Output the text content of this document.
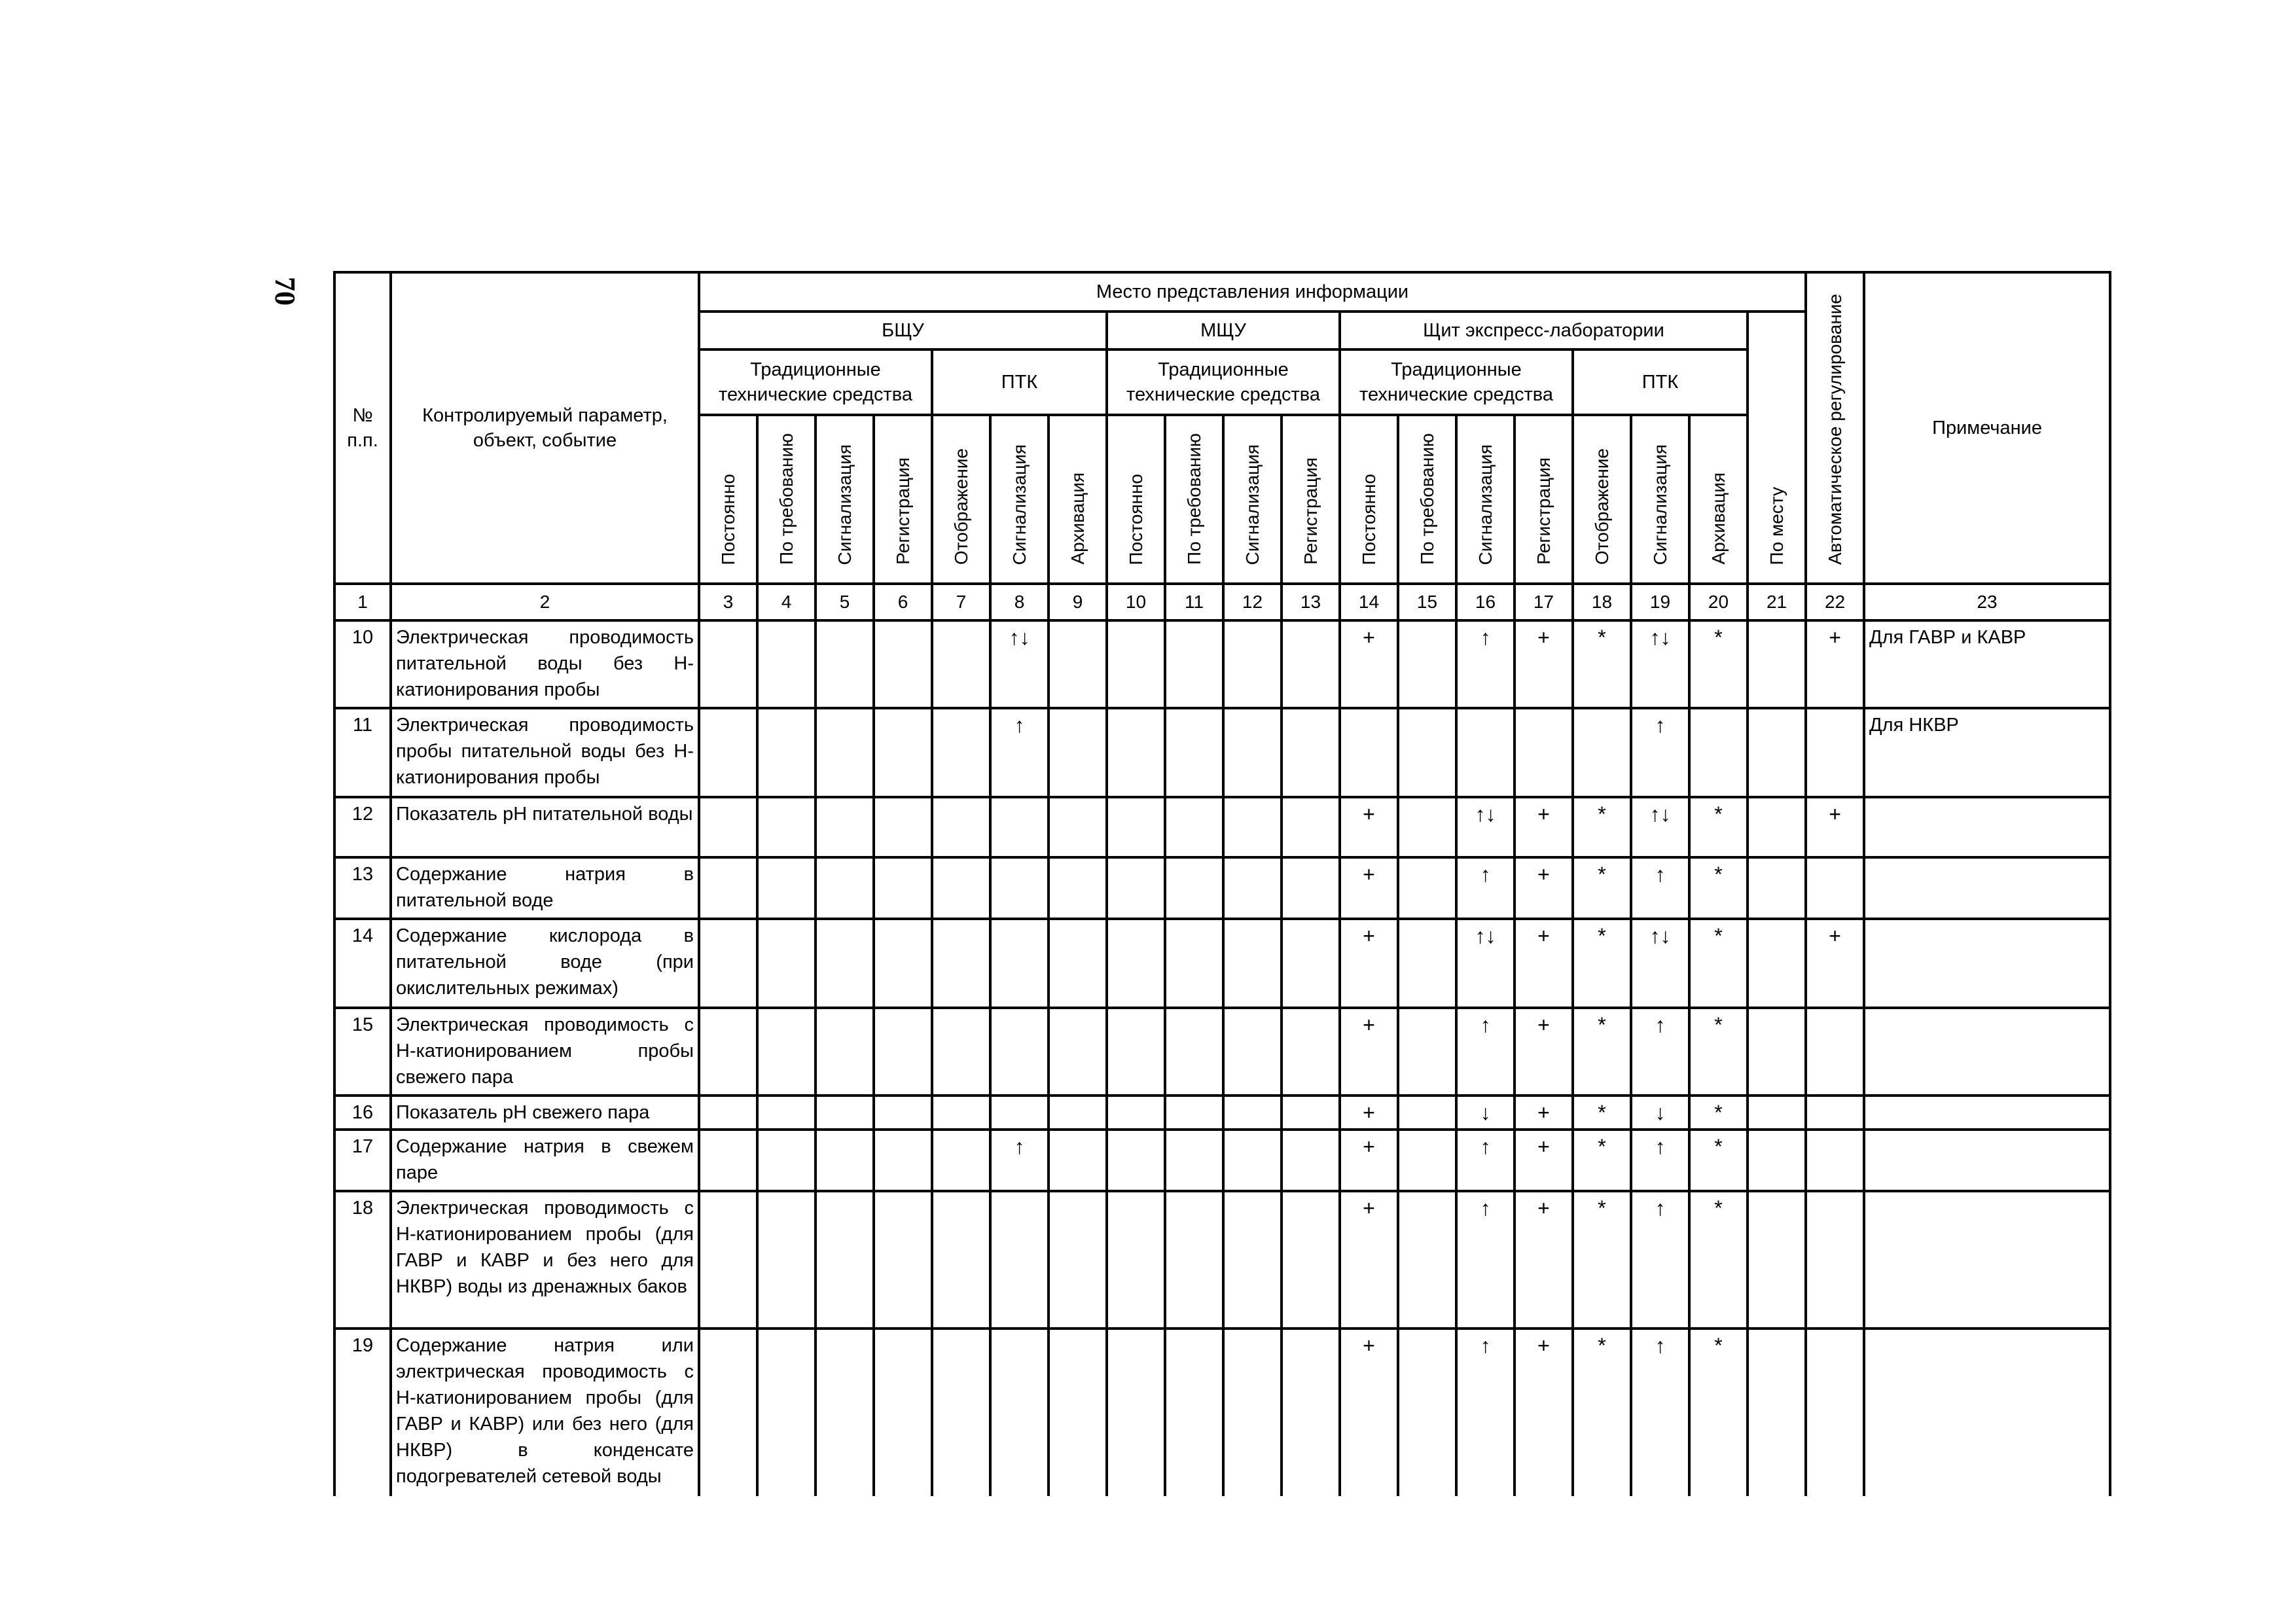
70
№ п.п.	Контролируемый параметр, объект, событие	Место представления информации																			Автоматическое регулирование	Примечание
		БЩУ							МЩУ				Щит экспресс-лаборатории							По месту		
		Традиционные технические средства				ПТК			Традиционные технические средства				Традиционные технические средства				ПТК					
		Постоянно	По требованию	Сигнализация	Регистрация	Отображение	Сигнализация	Архивация	Постоянно	По требованию	Сигнализация	Регистрация	Постоянно	По требованию	Сигнализация	Регистрация	Отображение	Сигнализация	Архивация			
1	2	3	4	5	6	7	8	9	10	11	12	13	14	15	16	17	18	19	20	21	22	23
10	Электрическая проводимость питательной воды без Н-катионирования пробы						↑↓						+		↑	+	*	↑↓	*		+	Для ГАВР и КАВР
11	Электрическая проводимость пробы питательной воды без Н-катионирования пробы						↑											↑				Для НКВР
12	Показатель рН питательной воды												+		↑↓	+	*	↑↓	*		+	
13	Содержание натрия в питательной воде												+		↑	+	*	↑	*			
14	Содержание кислорода в питательной воде (при окислительных режимах)												+		↑↓	+	*	↑↓	*		+	
15	Электрическая проводимость с Н-катионированием пробы свежего пара												+		↑	+	*	↑	*			
16	Показатель рН свежего пара												+		↓	+	*	↓	*			
17	Содержание натрия в свежем паре						↑						+		↑	+	*	↑	*			
18	Электрическая проводимость с Н-катионированием пробы (для ГАВР и КАВР и без него для НКВР) воды из дренажных баков												+		↑	+	*	↑	*			
19	Содержание натрия или электрическая проводимость с Н-катионированием пробы (для ГАВР и КАВР) или без него (для НКВР) в конденсате подогревателей сетевой воды												+		↑	+	*	↑	*			
